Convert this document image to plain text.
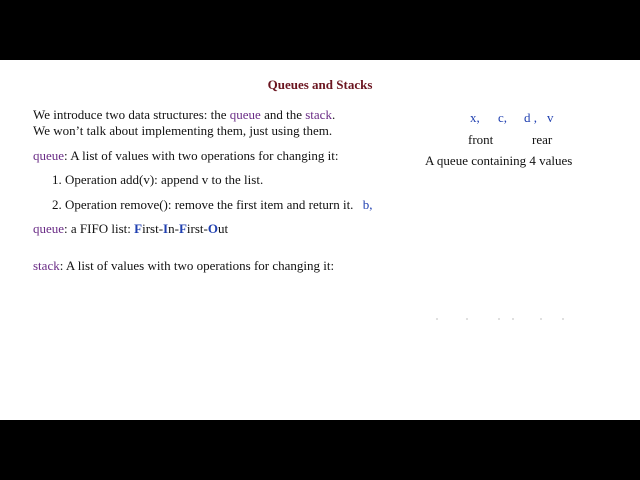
Queues and Stacks
We introduce two data structures: the queue and the stack.
We won’t talk about implementing them, just using them.
queue: A list of values with two operations for changing it:
1. Operation add(v): append v to the list.
2. Operation remove(): remove the first item and return it. b,
queue: a FIFO list: First-In-First-Out
stack: A list of values with two operations for changing it:
x, c, d , v
front	rear
A queue containing 4 values
